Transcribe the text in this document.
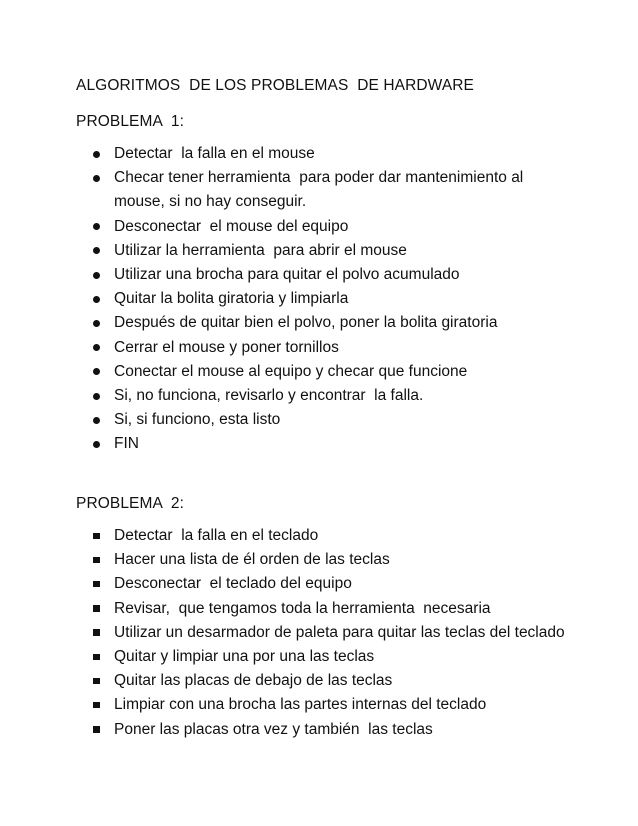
ALGORITMOS  DE LOS PROBLEMAS  DE HARDWARE
PROBLEMA  1:
Detectar  la falla en el mouse
Checar tener herramienta  para poder dar mantenimiento al
mouse, si no hay conseguir.
Desconectar  el mouse del equipo
Utilizar la herramienta  para abrir el mouse
Utilizar una brocha para quitar el polvo acumulado
Quitar la bolita giratoria y limpiarla
Después de quitar bien el polvo, poner la bolita giratoria
Cerrar el mouse y poner tornillos
Conectar el mouse al equipo y checar que funcione
Si, no funciona, revisarlo y encontrar  la falla.
Si, si funciono, esta listo
FIN
PROBLEMA  2:
Detectar  la falla en el teclado
Hacer una lista de él orden de las teclas
Desconectar  el teclado del equipo
Revisar,  que tengamos toda la herramienta  necesaria
Utilizar un desarmador de paleta para quitar las teclas del teclado
Quitar y limpiar una por una las teclas
Quitar las placas de debajo de las teclas
Limpiar con una brocha las partes internas del teclado
Poner las placas otra vez y también  las teclas
